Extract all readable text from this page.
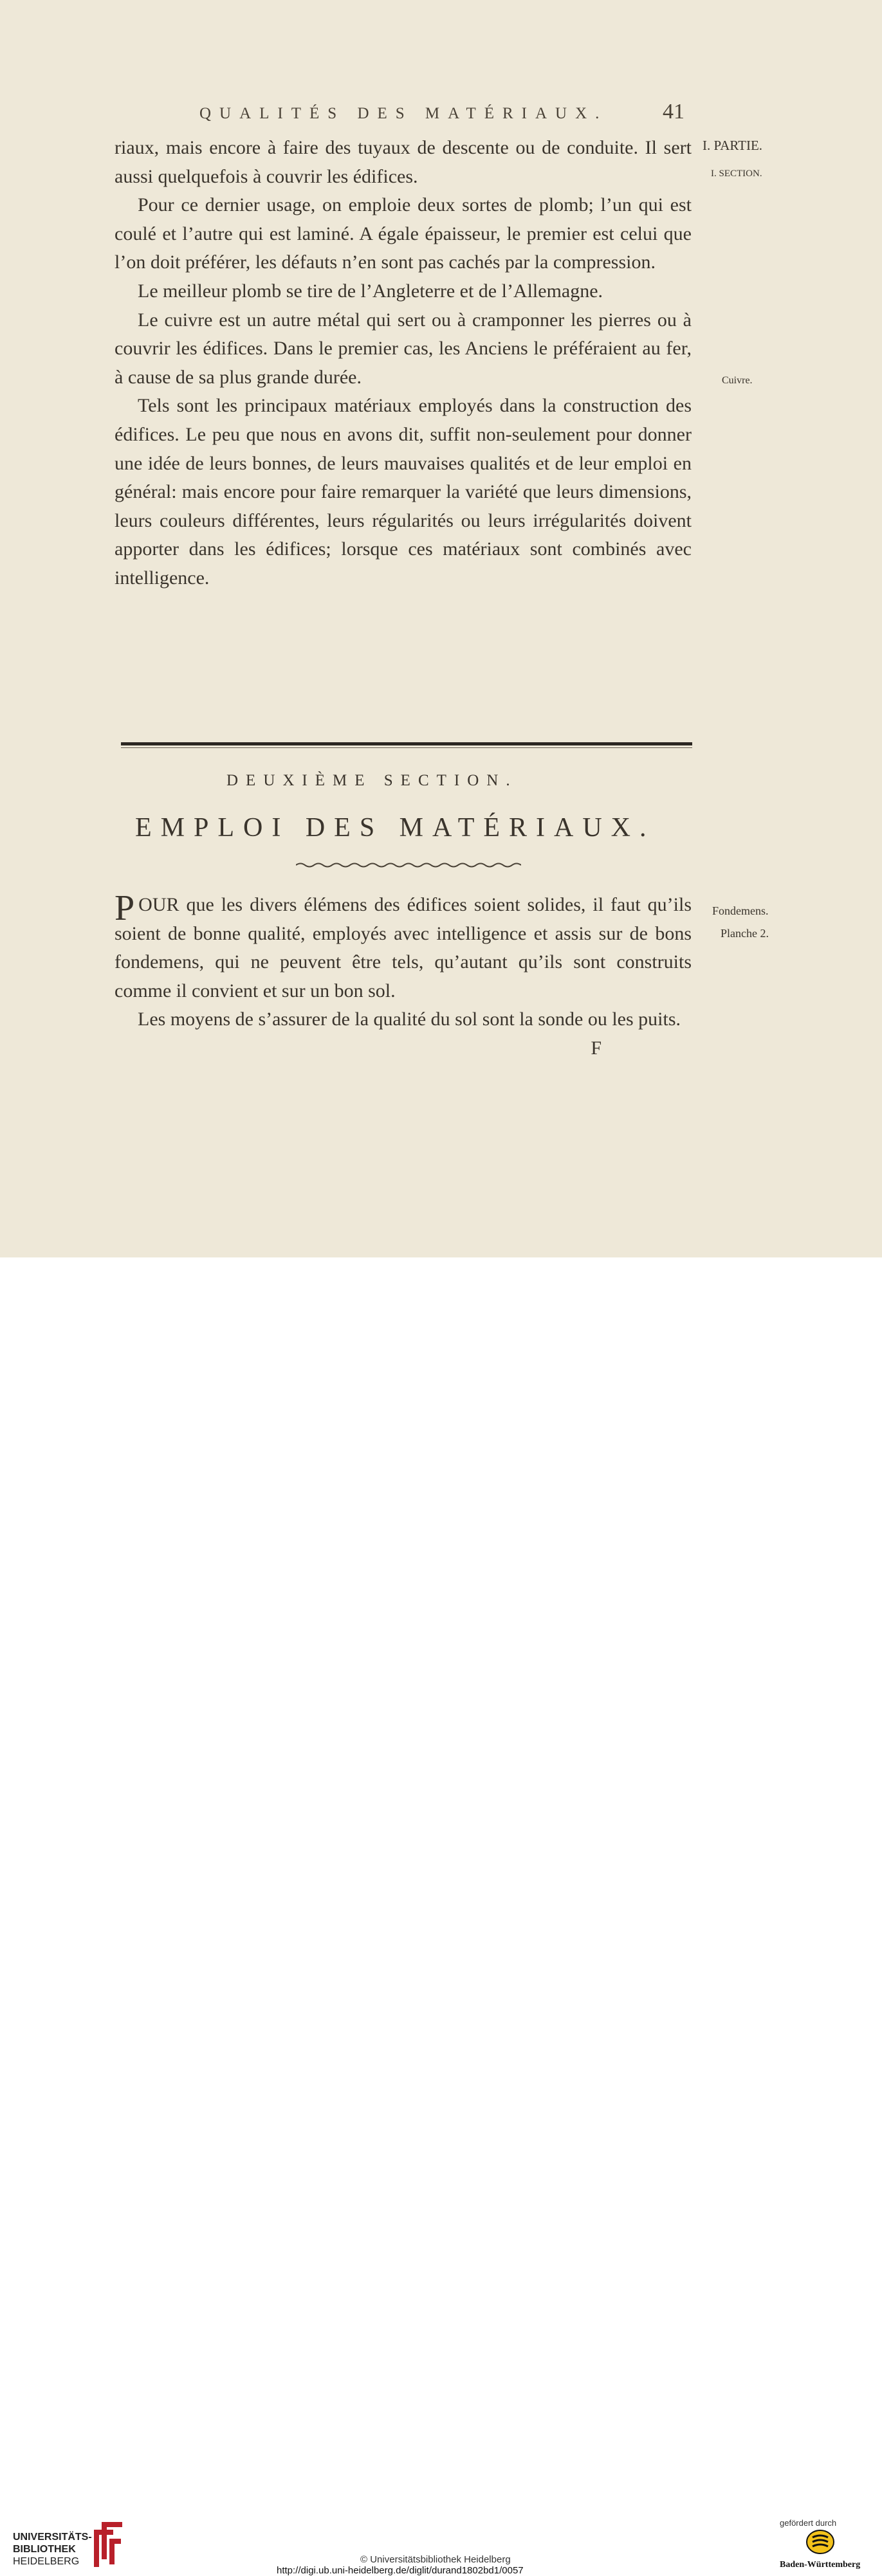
QUALITÉS DES MATÉRIAUX.	41
I. PARTIE.
I. SECTION.
Cuivre.
Fondemens.
Planche 2.

riaux, mais encore à faire des tuyaux de descente ou de conduite. Il sert aussi quelquefois à couvrir les édifices.

Pour ce dernier usage, on emploie deux sortes de plomb; l’un qui est coulé et l’autre qui est laminé. A égale épaisseur, le premier est celui que l’on doit préférer, les défauts n’en sont pas cachés par la compression.

Le meilleur plomb se tire de l’Angleterre et de l’Allemagne.

Le cuivre est un autre métal qui sert ou à cramponner les pierres ou à couvrir les édifices. Dans le premier cas, les Anciens le préféraient au fer, à cause de sa plus grande durée.

Tels sont les principaux matériaux employés dans la construction des édifices. Le peu que nous en avons dit, suffit non-seulement pour donner une idée de leurs bonnes, de leurs mauvaises qualités et de leur emploi en général: mais encore pour faire remarquer la variété que leurs dimensions, leurs couleurs différentes, leurs régularités ou leurs irrégularités doivent apporter dans les édifices; lorsque ces matériaux sont combinés avec intelligence.

DEUXIÈME SECTION.
EMPLOI DES MATÉRIAUX.

POUR que les divers élémens des édifices soient solides, il faut qu’ils soient de bonne qualité, employés avec intelligence et assis sur de bons fondemens, qui ne peuvent être tels, qu’autant qu’ils sont construits comme il convient et sur un bon sol.

Les moyens de s’assurer de la qualité du sol sont la sonde ou les puits.
F

UNIVERSITÄTS-
BIBLIOTHEK
HEIDELBERG	© Universitätsbibliothek Heidelberg
http://digi.ub.uni-heidelberg.de/diglit/durand1802bd1/0057
gefördert durch
Baden-Württemberg
